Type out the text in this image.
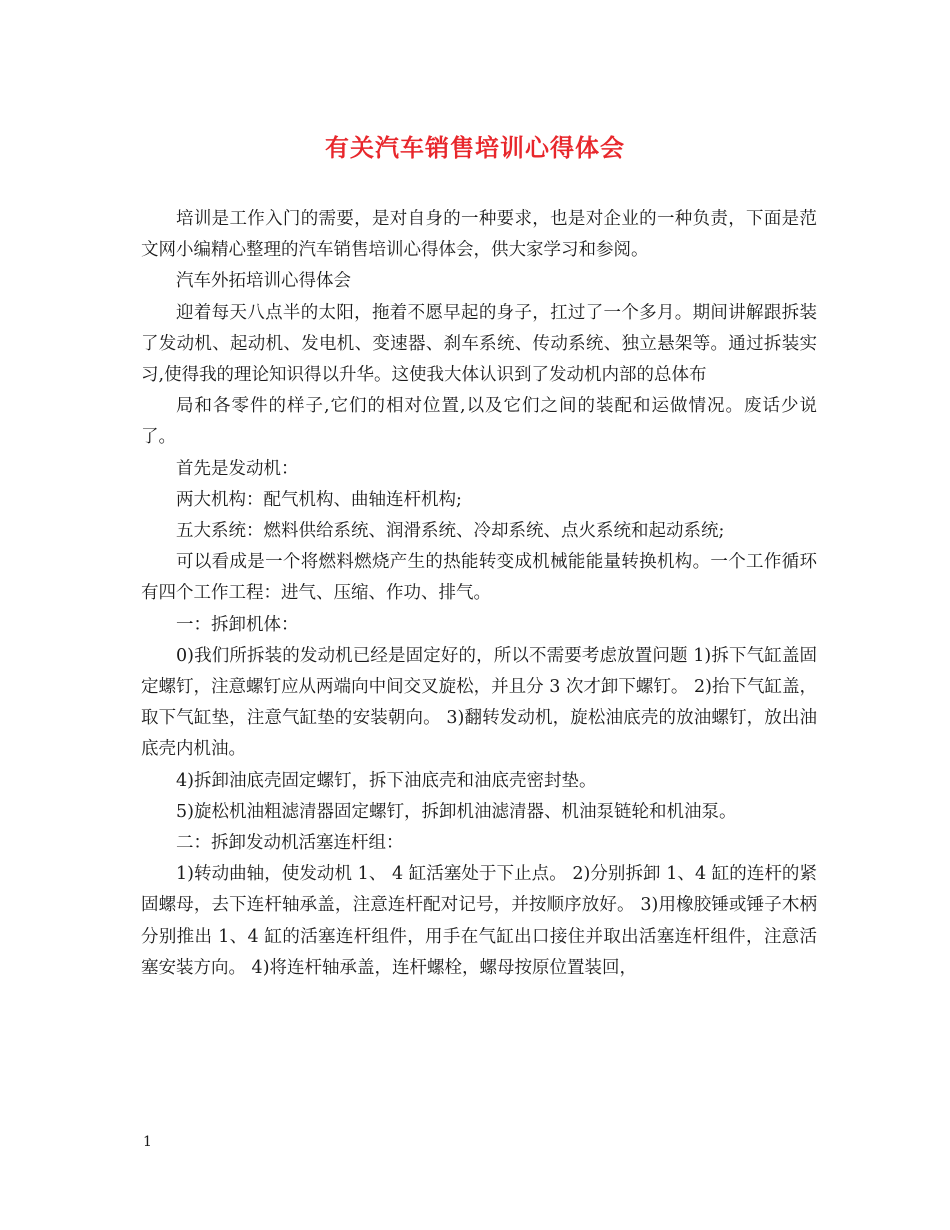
有关汽车销售培训心得体会

培训是工作入门的需要，是对自身的一种要求，也是对企业的一种负责，下面是范文网小编精心整理的汽车销售培训心得体会，供大家学习和参阅。

汽车外拓培训心得体会

迎着每天八点半的太阳，拖着不愿早起的身子，扛过了一个多月。期间讲解跟拆装了发动机、起动机、发电机、变速器、刹车系统、传动系统、独立悬架等。通过拆装实习,使得我的理论知识得以升华。这使我大体认识到了发动机内部的总体布

局和各零件的样子,它们的相对位置,以及它们之间的装配和运做情况。废话少说了。

首先是发动机：

两大机构：配气机构、曲轴连杆机构;

五大系统：燃料供给系统、润滑系统、冷却系统、点火系统和起动系统;

可以看成是一个将燃料燃烧产生的热能转变成机械能能量转换机构。一个工作循环有四个工作工程：进气、压缩、作功、排气。

一：拆卸机体：

0)我们所拆装的发动机已经是固定好的，所以不需要考虑放置问题 1)拆下气缸盖固定螺钉，注意螺钉应从两端向中间交叉旋松，并且分 3 次才卸下螺钉。 2)抬下气缸盖，取下气缸垫，注意气缸垫的安装朝向。 3)翻转发动机，旋松油底壳的放油螺钉，放出油底壳内机油。

4)拆卸油底壳固定螺钉，拆下油底壳和油底壳密封垫。

5)旋松机油粗滤清器固定螺钉，拆卸机油滤清器、机油泵链轮和机油泵。

二：拆卸发动机活塞连杆组：

1)转动曲轴，使发动机 1、 4 缸活塞处于下止点。 2)分别拆卸 1、4 缸的连杆的紧固螺母，去下连杆轴承盖，注意连杆配对记号，并按顺序放好。 3)用橡胶锤或锤子木柄分别推出 1、4 缸的活塞连杆组件，用手在气缸出口接住并取出活塞连杆组件，注意活塞安装方向。 4)将连杆轴承盖，连杆螺栓，螺母按原位置装回，

1
